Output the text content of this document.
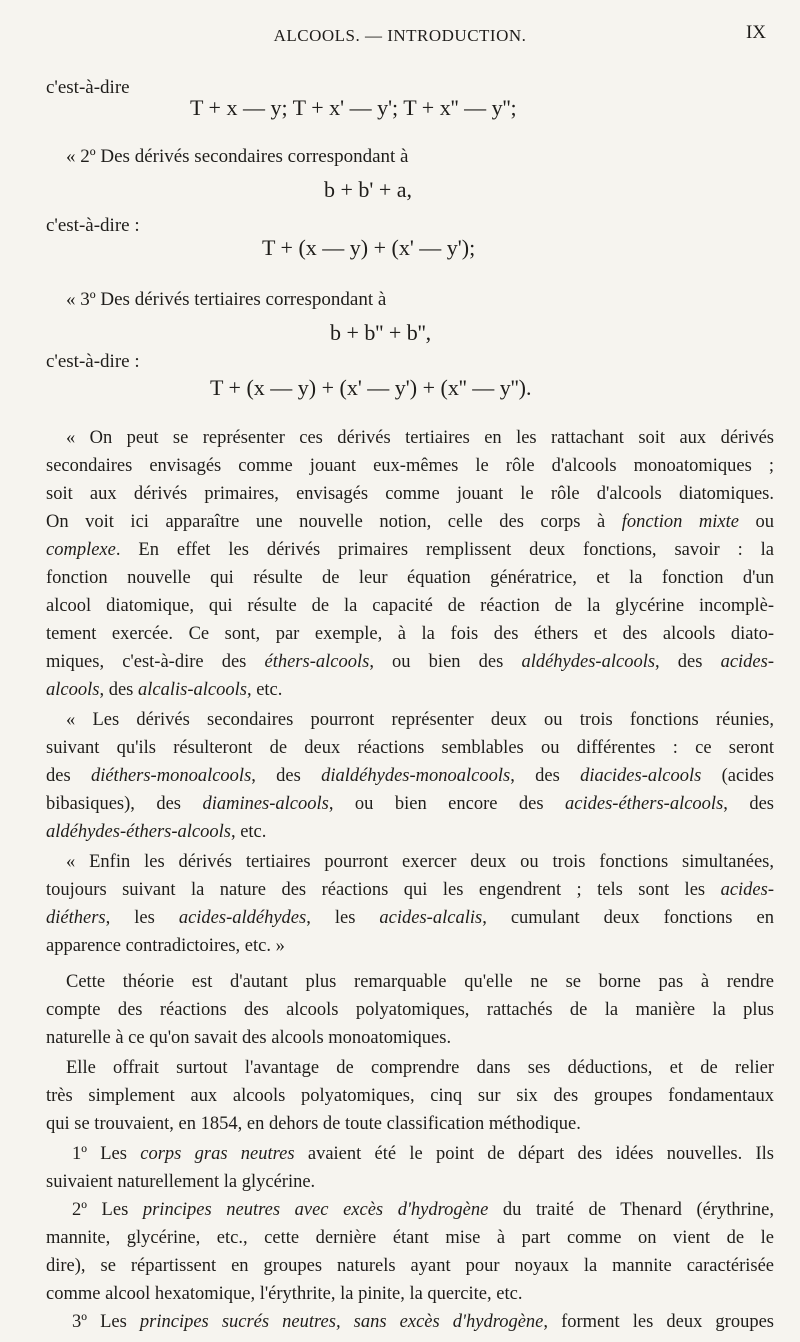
ALCOOLS. — INTRODUCTION.	IX
c'est-à-dire
T + x — y; T + x' — y'; T + x'' — y'';
« 2º Des dérivés secondaires correspondant à
b + b' + a,
c'est-à-dire :
T + (x — y) + (x' — y');
« 3º Des dérivés tertiaires correspondant à
b + b'' + b'',
c'est-à-dire :
T + (x — y) + (x' — y') + (x'' — y'').
« On peut se représenter ces dérivés tertiaires en les rattachant soit aux dérivés
secondaires envisagés comme jouant eux-mêmes le rôle d'alcools monoatomiques ;
soit aux dérivés primaires, envisagés comme jouant le rôle d'alcools diatomiques.
On voit ici apparaître une nouvelle notion, celle des corps à fonction mixte ou
complexe. En effet les dérivés primaires remplissent deux fonctions, savoir : la
fonction nouvelle qui résulte de leur équation génératrice, et la fonction d'un
alcool diatomique, qui résulte de la capacité de réaction de la glycérine incomplè-
tement exercée. Ce sont, par exemple, à la fois des éthers et des alcools diato-
miques, c'est-à-dire des éthers-alcools, ou bien des aldéhydes-alcools, des acides-
alcools, des alcalis-alcools, etc.
« Les dérivés secondaires pourront représenter deux ou trois fonctions réunies,
suivant qu'ils résulteront de deux réactions semblables ou différentes : ce seront
des diéthers-monoalcools, des dialdéhydes-monoalcools, des diacides-alcools (acides
bibasiques), des diamines-alcools, ou bien encore des acides-éthers-alcools, des
aldéhydes-éthers-alcools, etc.
« Enfin les dérivés tertiaires pourront exercer deux ou trois fonctions simultanées,
toujours suivant la nature des réactions qui les engendrent ; tels sont les acides-
diéthers, les acides-aldéhydes, les acides-alcalis, cumulant deux fonctions en
apparence contradictoires, etc. »
Cette théorie est d'autant plus remarquable qu'elle ne se borne pas à rendre
compte des réactions des alcools polyatomiques, rattachés de la manière la plus
naturelle à ce qu'on savait des alcools monoatomiques.
Elle offrait surtout l'avantage de comprendre dans ses déductions, et de relier
très simplement aux alcools polyatomiques, cinq sur six des groupes fondamentaux
qui se trouvaient, en 1854, en dehors de toute classification méthodique.
1º Les corps gras neutres avaient été le point de départ des idées nouvelles. Ils
suivaient naturellement la glycérine.
2º Les principes neutres avec excès d'hydrogène du traité de Thenard (érythrine,
mannite, glycérine, etc., cette dernière étant mise à part comme on vient de le
dire), se répartissent en groupes naturels ayant pour noyaux la mannite caractérisée
comme alcool hexatomique, l'érythrite, la pinite, la quercite, etc.
3º Les principes sucrés neutres, sans excès d'hydrogène, forment les deux groupes
